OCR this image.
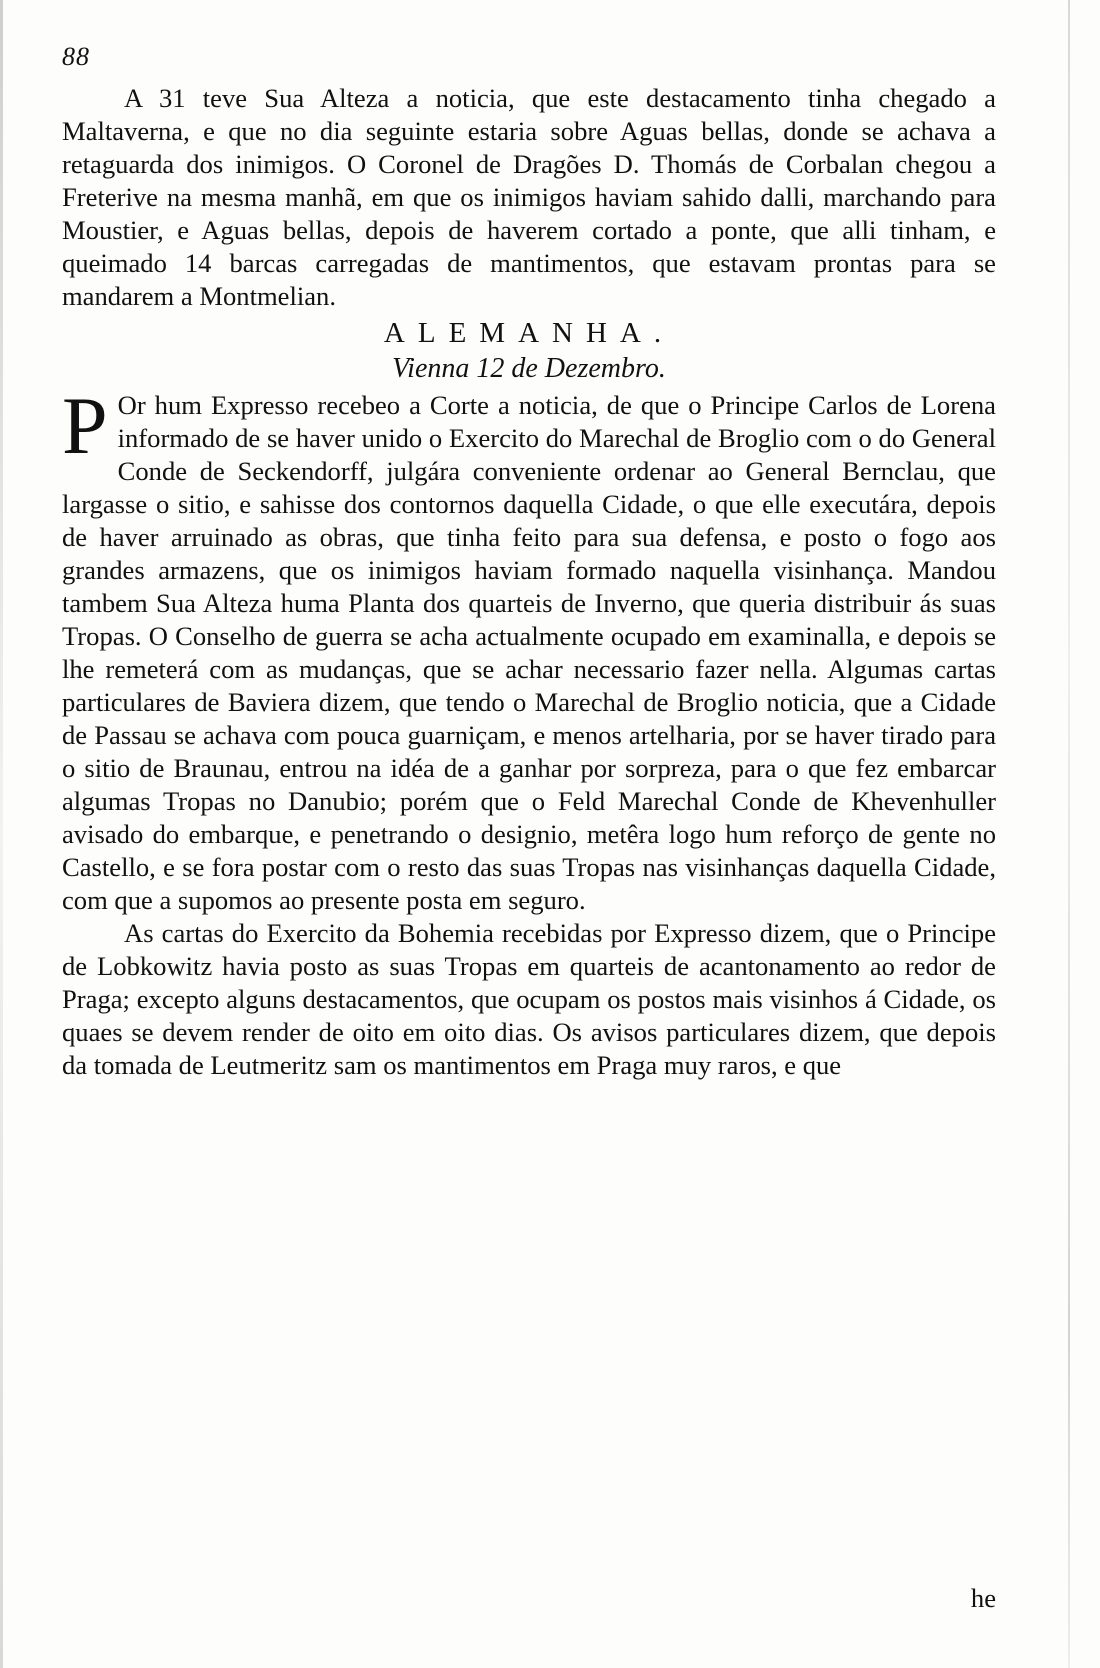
88

A 31 teve Sua Alteza a noticia, que este destacamento tinha chegado a Maltaverna, e que no dia seguinte estaria sobre Aguas bellas, donde se achava a retaguarda dos inimigos. O Coronel de Dragões D. Thomás de Corbalan chegou a Freterive na mesma manhã, em que os inimigos haviam sahido dalli, marchando para Moustier, e Aguas bellas, depois de haverem cortado a ponte, que alli tinham, e queimado 14 barcas carregadas de mantimentos, que estavam prontas para se mandarem a Montmelian.

ALEMANHA.

Vienna 12 de Dezembro.

P Or hum Expresso recebeo a Corte a noticia, de que o Principe Carlos de Lorena informado de se haver unido o Exercito do Marechal de Broglio com o do General Conde de Seckendorff, julgára conveniente ordenar ao General Bernclau, que largasse o sitio, e sahisse dos contornos daquella Cidade, o que elle executára, depois de haver arruinado as obras, que tinha feito para sua defensa, e posto o fogo aos grandes armazens, que os inimigos haviam formado naquella visinhança. Mandou tambem Sua Alteza huma Planta dos quarteis de Inverno, que queria distribuir ás suas Tropas. O Conselho de guerra se acha actualmente ocupado em examinalla, e depois se lhe remeterá com as mudanças, que se achar necessario fazer nella. Algumas cartas particulares de Baviera dizem, que tendo o Marechal de Broglio noticia, que a Cidade de Passau se achava com pouca guarniçam, e menos artelharia, por se haver tirado para o sitio de Braunau, entrou na idéa de a ganhar por sorpreza, para o que fez embarcar algumas Tropas no Danubio; porém que o Feld Marechal Conde de Khevenhuller avisado do embarque, e penetrando o designio, metêra logo hum reforço de gente no Castello, e se fora postar com o resto das suas Tropas nas visinhanças daquella Cidade, com que a supomos ao presente posta em seguro.

As cartas do Exercito da Bohemia recebidas por Expresso dizem, que o Principe de Lobkowitz havia posto as suas Tropas em quarteis de acantonamento ao redor de Praga; excepto alguns destacamentos, que ocupam os postos mais visinhos á Cidade, os quaes se devem render de oito em oito dias. Os avisos particulares dizem, que depois da tomada de Leutmeritz sam os mantimentos em Praga muy raros, e que

he
